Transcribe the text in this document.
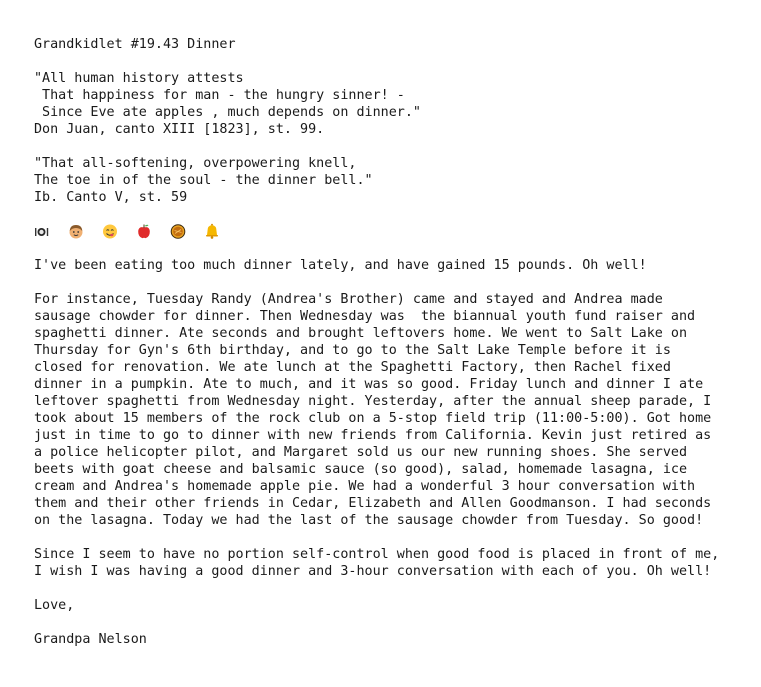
Grandkidlet #19.43 Dinner
"All human history attests
That happiness for man - the hungry sinner! -
Since Eve ate apples , much depends on dinner."
Don Juan, canto XIII [1823], st. 99.
"That all-softening, overpowering knell,
The toe in of the soul - the dinner bell."
Ib. Canto V, st. 59
I've been eating too much dinner lately, and have gained 15 pounds. Oh well!
For instance, Tuesday Randy (Andrea's Brother) came and stayed and Andrea made
sausage chowder for dinner. Then Wednesday was  the biannual youth fund raiser and
spaghetti dinner. Ate seconds and brought leftovers home. We went to Salt Lake on
Thursday for Gyn's 6th birthday, and to go to the Salt Lake Temple before it is
closed for renovation. We ate lunch at the Spaghetti Factory, then Rachel fixed
dinner in a pumpkin. Ate to much, and it was so good. Friday lunch and dinner I ate
leftover spaghetti from Wednesday night. Yesterday, after the annual sheep parade, I
took about 15 members of the rock club on a 5-stop field trip (11:00-5:00). Got home
just in time to go to dinner with new friends from California. Kevin just retired as
a police helicopter pilot, and Margaret sold us our new running shoes. She served
beets with goat cheese and balsamic sauce (so good), salad, homemade lasagna, ice
cream and Andrea's homemade apple pie. We had a wonderful 3 hour conversation with
them and their other friends in Cedar, Elizabeth and Allen Goodmanson. I had seconds
on the lasagna. Today we had the last of the sausage chowder from Tuesday. So good!
Since I seem to have no portion self-control when good food is placed in front of me,
I wish I was having a good dinner and 3-hour conversation with each of you. Oh well!
Love,
Grandpa Nelson
